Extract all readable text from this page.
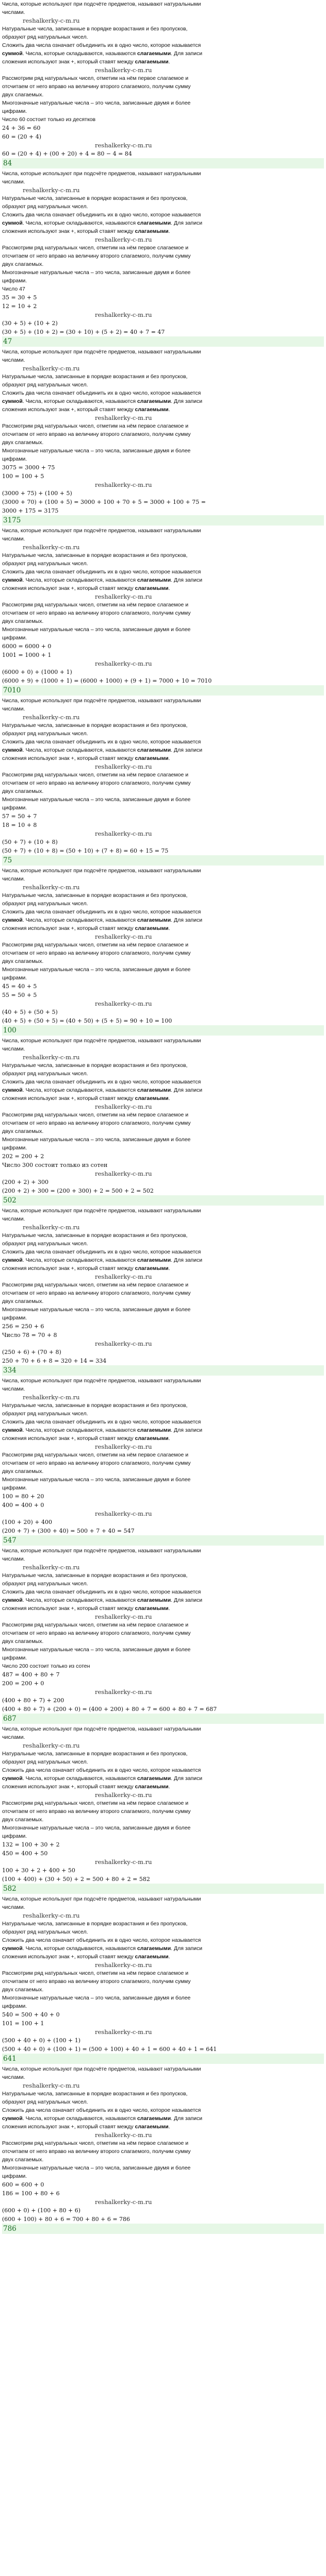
Числа, которые используют при подсчёте предметов, называют натуральными

числами.

reshalkerky-c-m.ru

Натуральные числа, записанные в порядке возрастания и без пропусков,

образуют ряд натуральных чисел.

Сложить два числа означает объединить их в одно число, которое называется

суммой. Числа, которые складываются, называются слагаемыми. Для записи

сложения используют знак +, который ставят между слагаемыми.

reshalkerky-c-m.ru

Рассмотрим ряд натуральных чисел, отметим на нём первое слагаемое и

отсчитаем от него вправо на величину второго слагаемого, получим сумму

двух слагаемых.

Многозначные натуральные числа – это числа, записанные двумя и более

цифрами.

Число 60 состоит только из десятков

24 + 36 = 60

60 = (20 + 4)

reshalkerky-c-m.ru

60 = (20 + 4) + (00 + 20) + 4 = 80 − 4 = 84

84

Числа, которые используют при подсчёте предметов, называют натуральными

числами.

reshalkerky-c-m.ru

Натуральные числа, записанные в порядке возрастания и без пропусков,

образуют ряд натуральных чисел.

Сложить два числа означает объединить их в одно число, которое называется

суммой. Числа, которые складываются, называются слагаемыми. Для записи

сложения используют знак +, который ставят между слагаемыми.

reshalkerky-c-m.ru

Рассмотрим ряд натуральных чисел, отметим на нём первое слагаемое и

отсчитаем от него вправо на величину второго слагаемого, получим сумму

двух слагаемых.

Многозначные натуральные числа – это числа, записанные двумя и более

цифрами.

Число 47

35 = 30 + 5

12 = 10 + 2

reshalkerky-c-m.ru

(30 + 5) + (10 + 2)

(30 + 5) + (10 + 2) = (30 + 10) + (5 + 2) = 40 + 7 = 47

47

Числа, которые используют при подсчёте предметов, называют натуральными

числами.

reshalkerky-c-m.ru

Натуральные числа, записанные в порядке возрастания и без пропусков,

образуют ряд натуральных чисел.

Сложить два числа означает объединить их в одно число, которое называется

суммой. Числа, которые складываются, называются слагаемыми. Для записи

сложения используют знак +, который ставят между слагаемыми.

reshalkerky-c-m.ru

Рассмотрим ряд натуральных чисел, отметим на нём первое слагаемое и

отсчитаем от него вправо на величину второго слагаемого, получим сумму

двух слагаемых.

Многозначные натуральные числа – это числа, записанные двумя и более

цифрами.

3075 = 3000 + 75

100 = 100 + 5

reshalkerky-c-m.ru

(3000 + 75) + (100 + 5)

(3000 + 70) + (100 + 5) = 3000 + 100 + 70 + 5 = 3000 + 100 + 75 =

3000 + 175 = 3175

3175

Числа, которые используют при подсчёте предметов, называют натуральными

числами.

reshalkerky-c-m.ru

Натуральные числа, записанные в порядке возрастания и без пропусков,

образуют ряд натуральных чисел.

Сложить два числа означает объединить их в одно число, которое называется

суммой. Числа, которые складываются, называются слагаемыми. Для записи

сложения используют знак +, который ставят между слагаемыми.

reshalkerky-c-m.ru

Рассмотрим ряд натуральных чисел, отметим на нём первое слагаемое и

отсчитаем от него вправо на величину второго слагаемого, получим сумму

двух слагаемых.

Многозначные натуральные числа – это числа, записанные двумя и более

цифрами.

6000 = 6000 + 0

1001 = 1000 + 1

reshalkerky-c-m.ru

(6000 + 0) + (1000 + 1)

(6000 + 9) + (1000 + 1) = (6000 + 1000) + (9 + 1) = 7000 + 10 = 7010

7010

Числа, которые используют при подсчёте предметов, называют натуральными

числами.

reshalkerky-c-m.ru

Натуральные числа, записанные в порядке возрастания и без пропусков,

образуют ряд натуральных чисел.

Сложить два числа означает объединить их в одно число, которое называется

суммой. Числа, которые складываются, называются слагаемыми. Для записи

сложения используют знак +, который ставят между слагаемыми.

reshalkerky-c-m.ru

Рассмотрим ряд натуральных чисел, отметим на нём первое слагаемое и

отсчитаем от него вправо на величину второго слагаемого, получим сумму

двух слагаемых.

Многозначные натуральные числа – это числа, записанные двумя и более

цифрами.

57 = 50 + 7

18 = 10 + 8

reshalkerky-c-m.ru

(50 + 7) + (10 + 8)

(50 + 7) + (10 + 8) = (50 + 10) + (7 + 8) = 60 + 15 = 75

75

Числа, которые используют при подсчёте предметов, называют натуральными

числами.

reshalkerky-c-m.ru

Натуральные числа, записанные в порядке возрастания и без пропусков,

образуют ряд натуральных чисел.

Сложить два числа означает объединить их в одно число, которое называется

суммой. Числа, которые складываются, называются слагаемыми. Для записи

сложения используют знак +, который ставят между слагаемыми.

reshalkerky-c-m.ru

Рассмотрим ряд натуральных чисел, отметим на нём первое слагаемое и

отсчитаем от него вправо на величину второго слагаемого, получим сумму

двух слагаемых.

Многозначные натуральные числа – это числа, записанные двумя и более

цифрами.

45 = 40 + 5

55 = 50 + 5

reshalkerky-c-m.ru

(40 + 5) + (50 + 5)

(40 + 5) + (50 + 5) = (40 + 50) + (5 + 5) = 90 + 10 = 100

100

Числа, которые используют при подсчёте предметов, называют натуральными

числами.

reshalkerky-c-m.ru

Натуральные числа, записанные в порядке возрастания и без пропусков,

образуют ряд натуральных чисел.

Сложить два числа означает объединить их в одно число, которое называется

суммой. Числа, которые складываются, называются слагаемыми. Для записи

сложения используют знак +, который ставят между слагаемыми.

reshalkerky-c-m.ru

Рассмотрим ряд натуральных чисел, отметим на нём первое слагаемое и

отсчитаем от него вправо на величину второго слагаемого, получим сумму

двух слагаемых.

Многозначные натуральные числа – это числа, записанные двумя и более

цифрами.

202 = 200 + 2

Число 300 состоит только из сотен

reshalkerky-c-m.ru

(200 + 2) + 300

(200 + 2) + 300 = (200 + 300) + 2 = 500 + 2 = 502

502

Числа, которые используют при подсчёте предметов, называют натуральными

числами.

reshalkerky-c-m.ru

Натуральные числа, записанные в порядке возрастания и без пропусков,

образуют ряд натуральных чисел.

Сложить два числа означает объединить их в одно число, которое называется

суммой. Числа, которые складываются, называются слагаемыми. Для записи

сложения используют знак +, который ставят между слагаемыми.

reshalkerky-c-m.ru

Рассмотрим ряд натуральных чисел, отметим на нём первое слагаемое и

отсчитаем от него вправо на величину второго слагаемого, получим сумму

двух слагаемых.

Многозначные натуральные числа – это числа, записанные двумя и более

цифрами.

256 = 250 + 6

Число 78 = 70 + 8

reshalkerky-c-m.ru

(250 + 6) + (70 + 8)

250 + 70 + 6 + 8 = 320 + 14 = 334

334

Числа, которые используют при подсчёте предметов, называют натуральными

числами.

reshalkerky-c-m.ru

Натуральные числа, записанные в порядке возрастания и без пропусков,

образуют ряд натуральных чисел.

Сложить два числа означает объединить их в одно число, которое называется

суммой. Числа, которые складываются, называются слагаемыми. Для записи

сложения используют знак +, который ставят между слагаемыми.

reshalkerky-c-m.ru

Рассмотрим ряд натуральных чисел, отметим на нём первое слагаемое и

отсчитаем от него вправо на величину второго слагаемого, получим сумму

двух слагаемых.

Многозначные натуральные числа – это числа, записанные двумя и более

цифрами.

100 = 80 + 20

400 = 400 + 0

reshalkerky-c-m.ru

(100 + 20) + 400

(200 + 7) + (300 + 40) = 500 + 7 + 40 = 547

547

Числа, которые используют при подсчёте предметов, называют натуральными

числами.

reshalkerky-c-m.ru

Натуральные числа, записанные в порядке возрастания и без пропусков,

образуют ряд натуральных чисел.

Сложить два числа означает объединить их в одно число, которое называется

суммой. Числа, которые складываются, называются слагаемыми. Для записи

сложения используют знак +, который ставят между слагаемыми.

reshalkerky-c-m.ru

Рассмотрим ряд натуральных чисел, отметим на нём первое слагаемое и

отсчитаем от него вправо на величину второго слагаемого, получим сумму

двух слагаемых.

Многозначные натуральные числа – это числа, записанные двумя и более

цифрами.

Число 200 состоит только из сотен

487 = 400 + 80 + 7

200 = 200 + 0

reshalkerky-c-m.ru

(400 + 80 + 7) + 200

(400 + 80 + 7) + (200 + 0) = (400 + 200) + 80 + 7 = 600 + 80 + 7 = 687

687

Числа, которые используют при подсчёте предметов, называют натуральными

числами.

reshalkerky-c-m.ru

Натуральные числа, записанные в порядке возрастания и без пропусков,

образуют ряд натуральных чисел.

Сложить два числа означает объединить их в одно число, которое называется

суммой. Числа, которые складываются, называются слагаемыми. Для записи

сложения используют знак +, который ставят между слагаемыми.

reshalkerky-c-m.ru

Рассмотрим ряд натуральных чисел, отметим на нём первое слагаемое и

отсчитаем от него вправо на величину второго слагаемого, получим сумму

двух слагаемых.

Многозначные натуральные числа – это числа, записанные двумя и более

цифрами.

132 = 100 + 30 + 2

450 = 400 + 50

reshalkerky-c-m.ru

100 + 30 + 2 + 400 + 50

(100 + 400) + (30 + 50) + 2 = 500 + 80 + 2 = 582

582

Числа, которые используют при подсчёте предметов, называют натуральными

числами.

reshalkerky-c-m.ru

Натуральные числа, записанные в порядке возрастания и без пропусков,

образуют ряд натуральных чисел.

Сложить два числа означает объединить их в одно число, которое называется

суммой. Числа, которые складываются, называются слагаемыми. Для записи

сложения используют знак +, который ставят между слагаемыми.

reshalkerky-c-m.ru

Рассмотрим ряд натуральных чисел, отметим на нём первое слагаемое и

отсчитаем от него вправо на величину второго слагаемого, получим сумму

двух слагаемых.

Многозначные натуральные числа – это числа, записанные двумя и более

цифрами.

540 = 500 + 40 + 0

101 = 100 + 1

reshalkerky-c-m.ru

(500 + 40 + 0) + (100 + 1)

(500 + 40 + 0) + (100 + 1) = (500 + 100) + 40 + 1 = 600 + 40 + 1 = 641

641

Числа, которые используют при подсчёте предметов, называют натуральными

числами.

reshalkerky-c-m.ru

Натуральные числа, записанные в порядке возрастания и без пропусков,

образуют ряд натуральных чисел.

Сложить два числа означает объединить их в одно число, которое называется

суммой. Числа, которые складываются, называются слагаемыми. Для записи

сложения используют знак +, который ставят между слагаемыми.

reshalkerky-c-m.ru

Рассмотрим ряд натуральных чисел, отметим на нём первое слагаемое и

отсчитаем от него вправо на величину второго слагаемого, получим сумму

двух слагаемых.

Многозначные натуральные числа – это числа, записанные двумя и более

цифрами.

600 = 600 + 0

186 = 100 + 80 + 6

reshalkerky-c-m.ru

(600 + 0) + (100 + 80 + 6)

(600 + 100) + 80 + 6 = 700 + 80 + 6 = 786

786
